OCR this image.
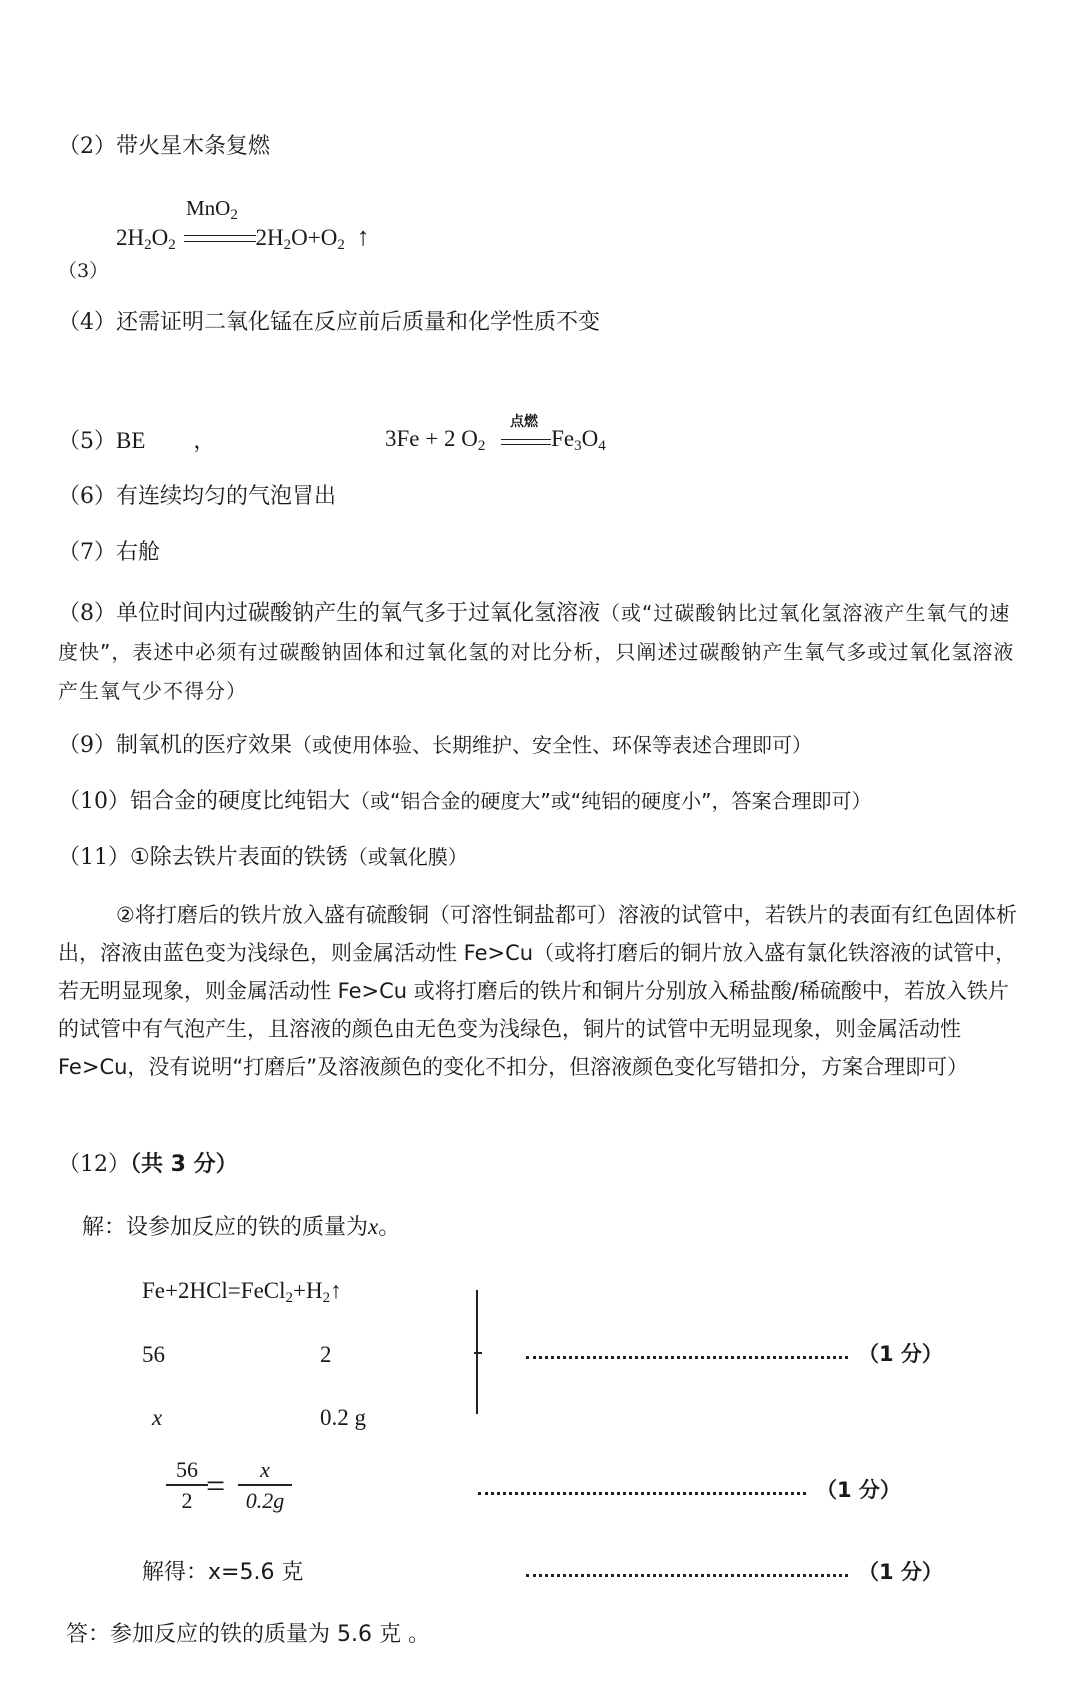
（2）带火星木条复燃
（3）
$2H_2O_2$
MnO$_2$
$2H_2O+O_2$ ↑
（4）还需证明二氧化锰在反应前后质量和化学性质不变
（5）BE ，	3Fe + 2 $O_2$
点燃
$Fe_3O_4$
（6）有连续均匀的气泡冒出
（7）右舱
（8）单位时间内过碳酸钠产生的氧气多于过氧化氢溶液（或“过碳酸钠比过氧化氢溶液产生氧气的速度快”，表述中必须有过碳酸钠固体和过氧化氢的对比分析，只阐述过碳酸钠产生氧气多或过氧化氢溶液产生氧气少不得分）
（9）制氧机的医疗效果（或使用体验、长期维护、安全性、环保等表述合理即可）
（10）铝合金的硬度比纯铝大（或“铝合金的硬度大”或“纯铝的硬度小”，答案合理即可）
（11）①除去铁片表面的铁锈（或氧化膜）
②将打磨后的铁片放入盛有硫酸铜（可溶性铜盐都可）溶液的试管中，若铁片的表面有红色固体析出，溶液由蓝色变为浅绿色，则金属活动性 Fe>Cu（或将打磨后的铜片放入盛有氯化铁溶液的试管中，若无明显现象，则金属活动性 Fe>Cu 或将打磨后的铁片和铜片分别放入稀盐酸/稀硫酸中，若放入铁片的试管中有气泡产生，且溶液的颜色由无色变为浅绿色，铜片的试管中无明显现象，则金属活动性 Fe>Cu，没有说明“打磨后”及溶液颜色的变化不扣分，但溶液颜色变化写错扣分，方案合理即可）
（12）（共 3 分）
解：设参加反应的铁的质量为x。
$Fe+2HCl=FeCl_2+H_2↑$
56	2
x	0.2 g
（1 分）
$\frac{56}{2}$
= $\frac{x}{0.2g}$	（1 分）
解得：x=5.6 克	（1 分）
答：参加反应的铁的质量为 5.6 克 。
